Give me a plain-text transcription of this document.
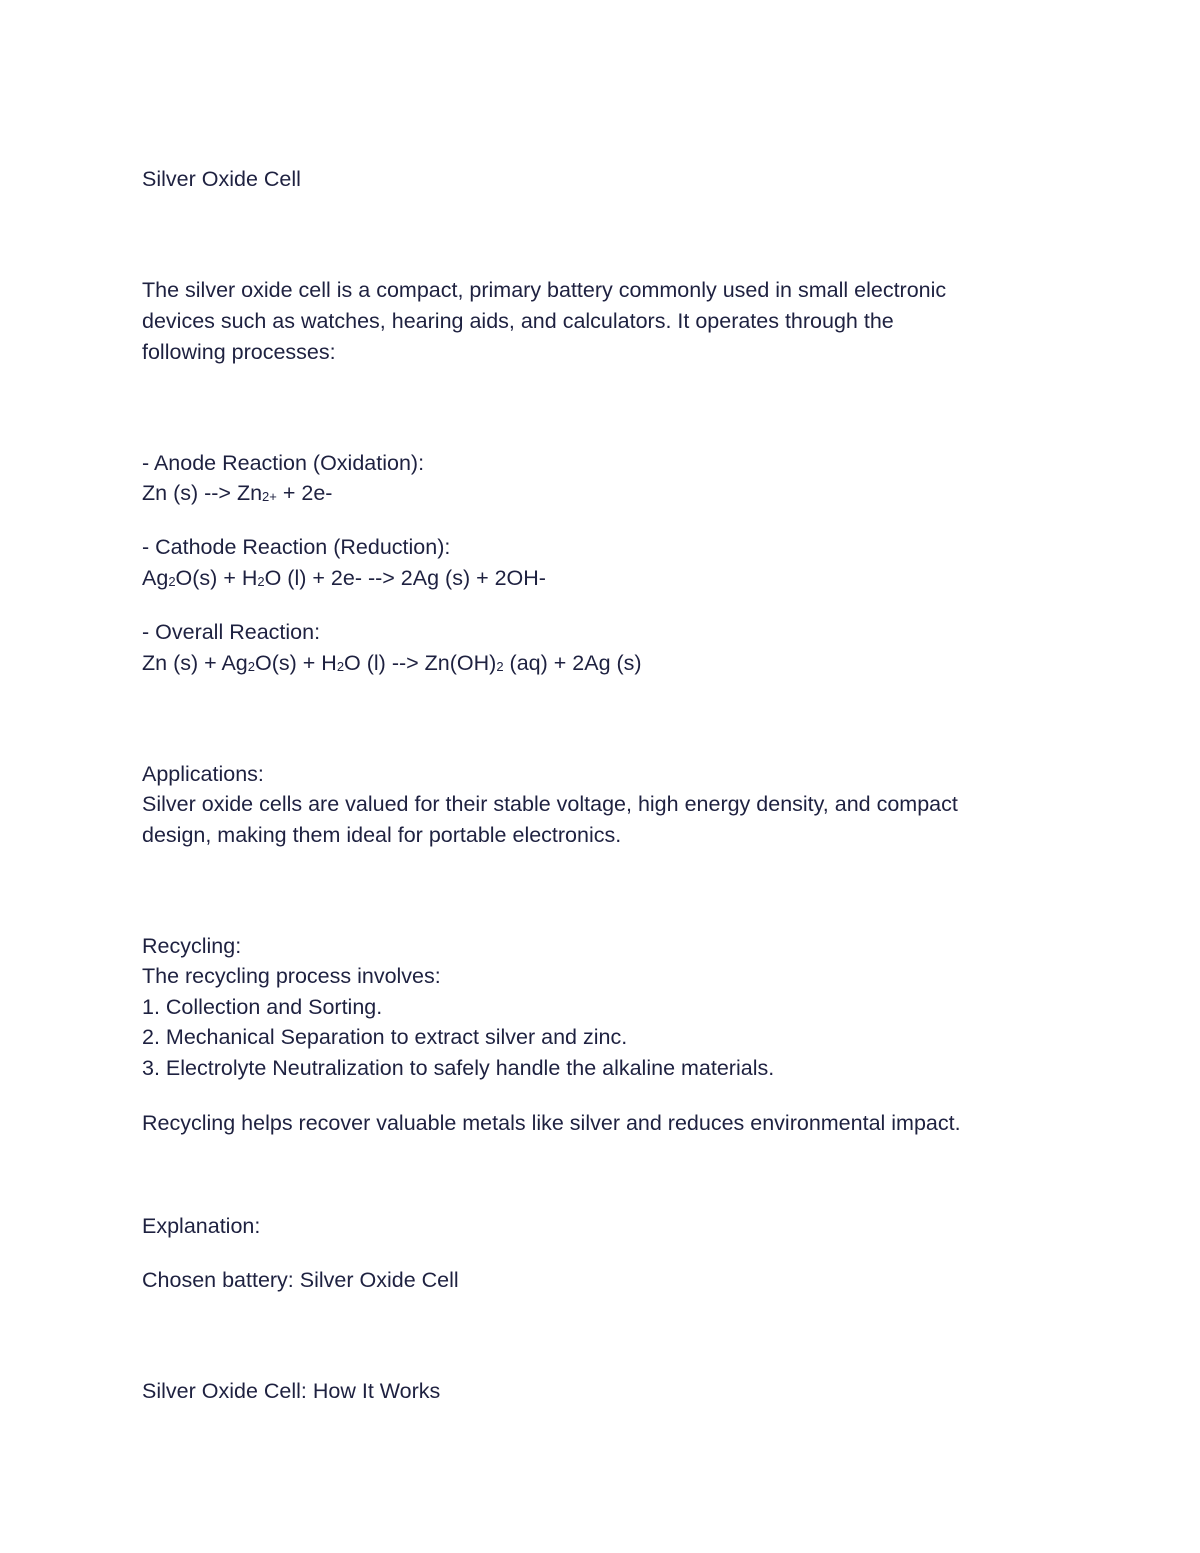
Silver Oxide Cell

The silver oxide cell is a compact, primary battery commonly used in small electronic

devices such as watches, hearing aids, and calculators. It operates through the

following processes:

- Anode Reaction (Oxidation):

Zn (s) --> Zn2+ + 2e-

- Cathode Reaction (Reduction):

Ag2O(s) + H2O (l) + 2e- --> 2Ag (s) + 2OH-

- Overall Reaction:

Zn (s) + Ag2O(s) + H2O (l) --> Zn(OH)2 (aq) + 2Ag (s)

Applications:

Silver oxide cells are valued for their stable voltage, high energy density, and compact

design, making them ideal for portable electronics.

Recycling:

The recycling process involves:

1. Collection and Sorting.

2. Mechanical Separation to extract silver and zinc.

3. Electrolyte Neutralization to safely handle the alkaline materials.

Recycling helps recover valuable metals like silver and reduces environmental impact.

Explanation:

Chosen battery: Silver Oxide Cell

Silver Oxide Cell: How It Works
